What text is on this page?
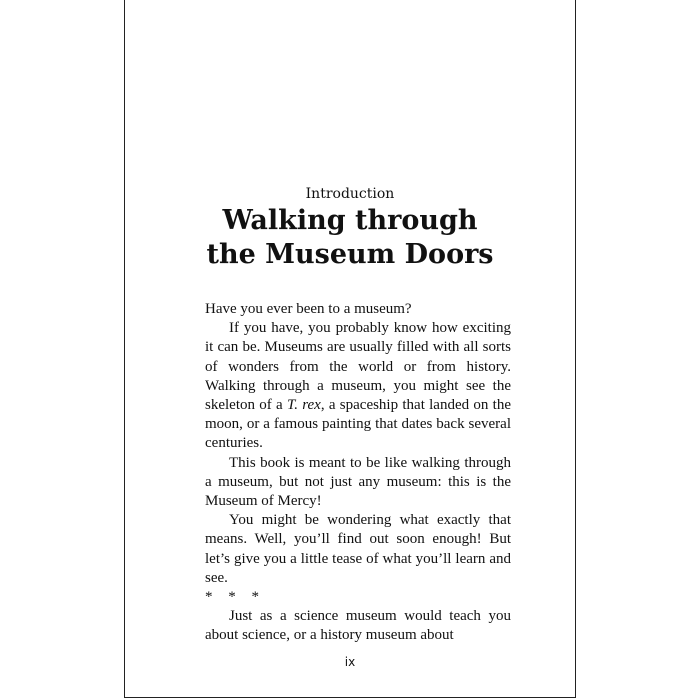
Introduction
Walking through
the Museum Doors

Have you ever been to a museum?

If you have, you probably know how exciting it can be. Museums are usually filled with all sorts of wonders from the world or from history. Walking through a museum, you might see the skeleton of a T. rex, a spaceship that landed on the moon, or a famous painting that dates back several centuries.

This book is meant to be like walking through a museum, but not just any museum: this is the Museum of Mercy!

You might be wondering what exactly that means. Well, you’ll find out soon enough! But let’s give you a little tease of what you’ll learn and see.

* * *

Just as a science museum would teach you about science, or a history museum about

ix
